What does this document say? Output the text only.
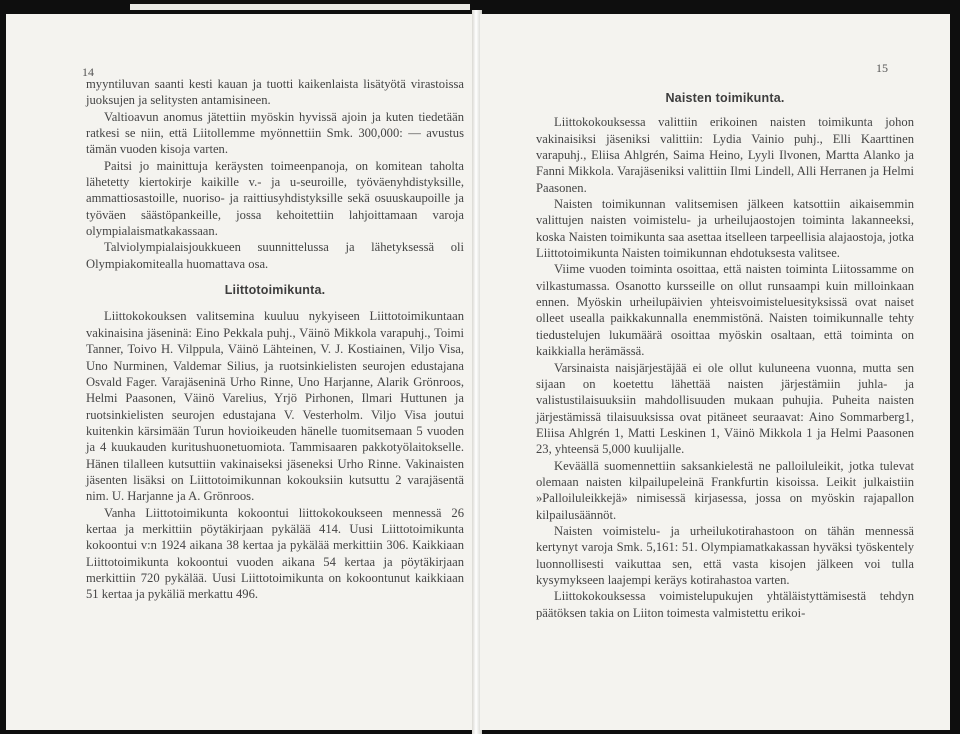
14

myyntiluvan saanti kesti kauan ja tuotti kaikenlaista lisätyötä virastoissa juoksujen ja selitysten antamisineen.

Valtioavun anomus jätettiin myöskin hyvissä ajoin ja kuten tiedetään ratkesi se niin, että Liitollemme myönnettiin Smk. 300,000: — avustus tämän vuoden kisoja varten.

Paitsi jo mainittuja keräysten toimeenpanoja, on komitean taholta lähetetty kiertokirje kaikille v.- ja u-seuroille, työväenyhdistyksille, ammattiosastoille, nuoriso- ja raittiusyhdistyksille sekä osuuskaupoille ja työväen säästöpankeille, jossa kehoitettiin lahjoittamaan varoja olympialaismatkakassaan.

Talviolympialaisjoukkueen suunnittelussa ja lähetyksessä oli Olympiakomitealla huomattava osa.

Liittotoimikunta.

Liittokokouksen valitsemina kuuluu nykyiseen Liittotoimikuntaan vakinaisina jäseninä: Eino Pekkala puhj., Väinö Mikkola varapuhj., Toimi Tanner, Toivo H. Vilppula, Väinö Lähteinen, V. J. Kostiainen, Viljo Visa, Uno Nurminen, Valdemar Silius, ja ruotsinkielisten seurojen edustajana Osvald Fager. Varajäseninä Urho Rinne, Uno Harjanne, Alarik Grönroos, Helmi Paasonen, Väinö Varelius, Yrjö Pirhonen, Ilmari Huttunen ja ruotsinkielisten seurojen edustajana V. Vesterholm. Viljo Visa joutui kuitenkin kärsimään Turun hovioikeuden hänelle tuomitsemaan 5 vuoden ja 4 kuukauden kuritushuonetuomiota. Tammisaaren pakkotyölaitokselle. Hänen tilalleen kutsuttiin vakinaiseksi jäseneksi Urho Rinne. Vakinaisten jäsenten lisäksi on Liittotoimikunnan kokouksiin kutsuttu 2 varajäsentä nim. U. Harjanne ja A. Grönroos.

Vanha Liittotoimikunta kokoontui liittokokoukseen mennessä 26 kertaa ja merkittiin pöytäkirjaan pykälää 414. Uusi Liittotoimikunta kokoontui v:n 1924 aikana 38 kertaa ja pykälää merkittiin 306. Kaikkiaan Liittotoimikunta kokoontui vuoden aikana 54 kertaa ja pöytäkirjaan merkittiin 720 pykälää. Uusi Liittotoimikunta on kokoontunut kaikkiaan 51 kertaa ja pykäliä merkattu 496.

15
Naisten toimikunta.

Liittokokouksessa valittiin erikoinen naisten toimikunta johon vakinaisiksi jäseniksi valittiin: Lydia Vainio puhj., Elli Kaarttinen varapuhj., Eliisa Ahlgrén, Saima Heino, Lyyli Ilvonen, Martta Alanko ja Fanni Mikkola. Varajäseniksi valittiin Ilmi Lindell, Alli Herranen ja Helmi Paasonen.

Naisten toimikunnan valitsemisen jälkeen katsottiin aikaisemmin valittujen naisten voimistelu- ja urheilujaostojen toiminta lakanneeksi, koska Naisten toimikunta saa asettaa itselleen tarpeellisia alajaostoja, jotka Liittotoimikunta Naisten toimikunnan ehdotuksesta valitsee.

Viime vuoden toiminta osoittaa, että naisten toiminta Liitossamme on vilkastumassa. Osanotto kursseille on ollut runsaampi kuin milloinkaan ennen. Myöskin urheilupäivien yhteisvoimisteluesityksissä ovat naiset olleet usealla paikkakunnalla enemmistönä. Naisten toimikunnalle tehty tiedustelujen lukumäärä osoittaa myöskin osaltaan, että toiminta on kaikkialla herämässä.

Varsinaista naisjärjestäjää ei ole ollut kuluneena vuonna, mutta sen sijaan on koetettu lähettää naisten järjestämiin juhla- ja valistustilaisuuksiin mahdollisuuden mukaan puhujia. Puheita naisten järjestämissä tilaisuuksissa ovat pitäneet seuraavat: Aino Sommarberg1, Eliisa Ahlgrén 1, Matti Leskinen 1, Väinö Mikkola 1 ja Helmi Paasonen 23, yhteensä 5,000 kuulijalle.

Keväällä suomennettiin saksankielestä ne palloiluleikit, jotka tulevat olemaan naisten kilpailupeleinä Frankfurtin kisoissa. Leikit julkaistiin »Palloiluleikkejä» nimisessä kirjasessa, jossa on myöskin rajapallon kilpailusäännöt.

Naisten voimistelu- ja urheilukotirahastoon on tähän mennessä kertynyt varoja Smk. 5,161: 51. Olympiamatkakassan hyväksi työskentely luonnollisesti vaikuttaa sen, että vasta kisojen jälkeen voi tulla kysymykseen laajempi keräys kotirahastoa varten.

Liittokokouksessa voimistelupukujen yhtäläistyttämisestä tehdyn päätöksen takia on Liiton toimesta valmistettu erikoi-
